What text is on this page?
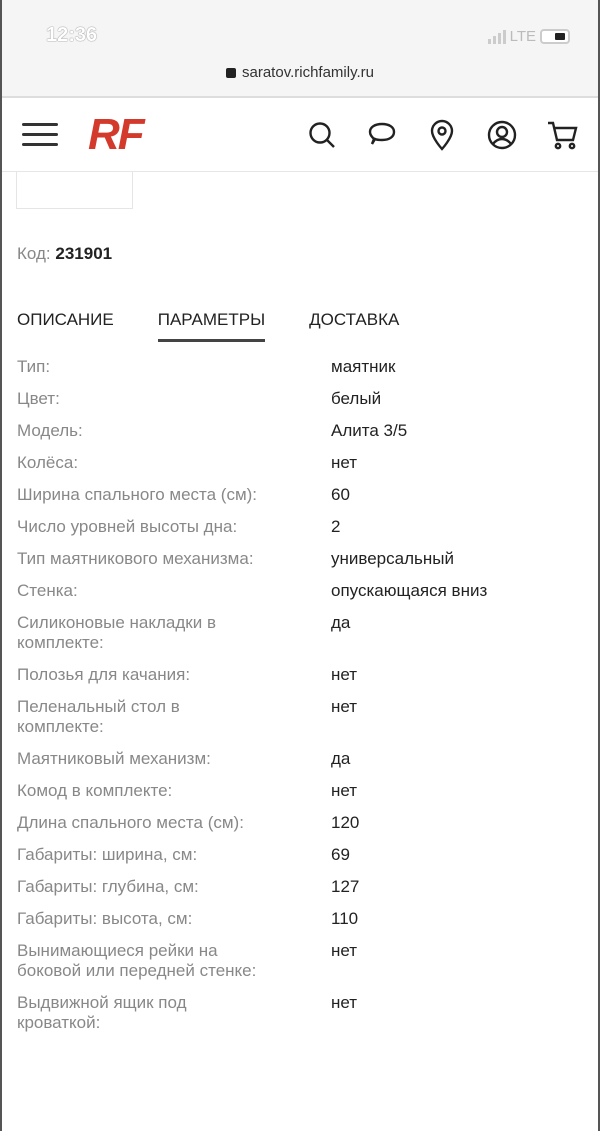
12:36	LTE
saratov.richfamily.ru
RF
Код: 231901
ОПИСАНИЕ	ПАРАМЕТРЫ	ДОСТАВКА
Тип:	маятник
Цвет:	белый
Модель:	Алита 3/5
Колёса:	нет
Ширина спального места (см):	60
Число уровней высоты дна:	2
Тип маятникового механизма:	универсальный
Стенка:	опускающаяся вниз
Силиконовые накладки в комплекте:
да
Полозья для качания:	нет
Пеленальный стол в комплекте:
нет
Маятниковый механизм:	да
Комод в комплекте:	нет
Длина спального места (см):	120
Габариты: ширина, см:	69
Габариты: глубина, см:	127
Габариты: высота, см:	110
Вынимающиеся рейки на боковой или передней стенке:
нет
Выдвижной ящик под кроваткой:
нет
